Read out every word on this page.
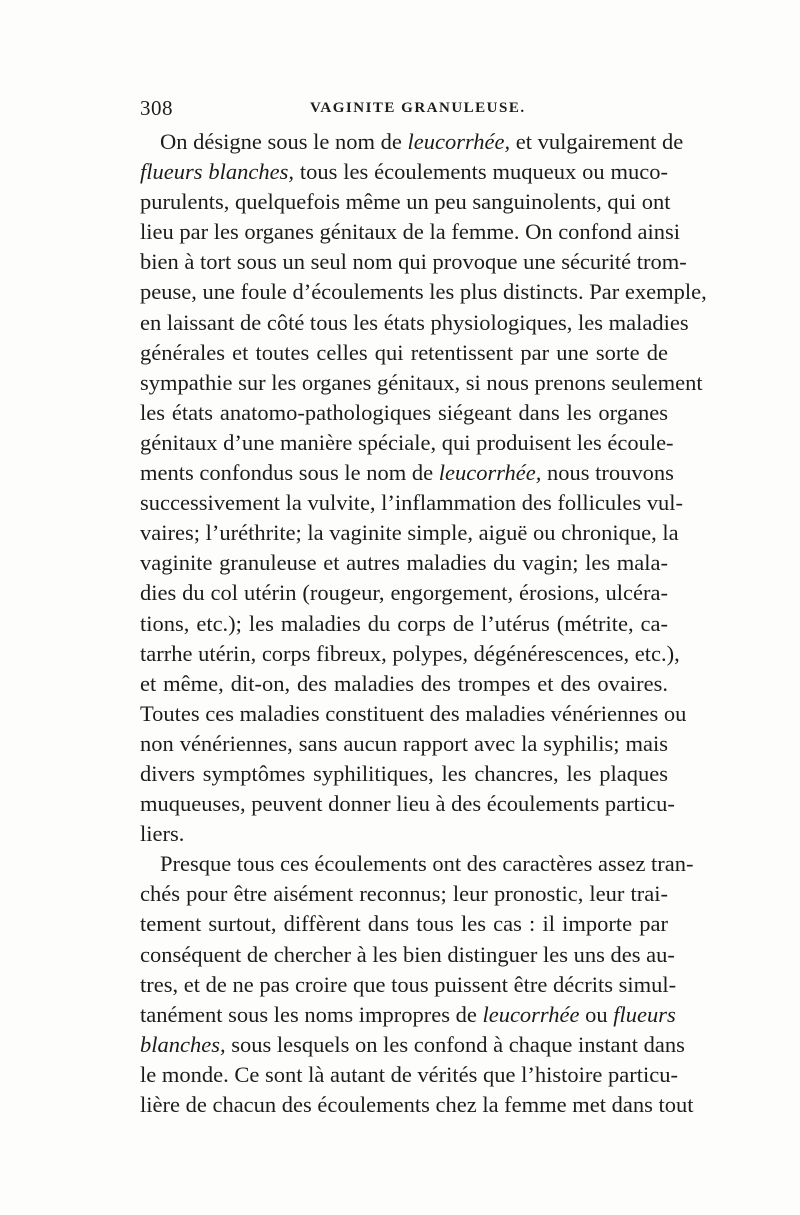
308	VAGINITE GRANULEUSE.
On désigne sous le nom de leucorrhée, et vulgairement de
flueurs blanches, tous les écoulements muqueux ou muco-
purulents, quelquefois même un peu sanguinolents, qui ont
lieu par les organes génitaux de la femme. On confond ainsi
bien à tort sous un seul nom qui provoque une sécurité trom-
peuse, une foule d’écoulements les plus distincts. Par exemple,
en laissant de côté tous les états physiologiques, les maladies
générales et toutes celles qui retentissent par une sorte de
sympathie sur les organes génitaux, si nous prenons seulement
les états anatomo-pathologiques siégeant dans les organes
génitaux d’une manière spéciale, qui produisent les écoule-
ments confondus sous le nom de leucorrhée, nous trouvons
successivement la vulvite, l’inflammation des follicules vul-
vaires; l’uréthrite; la vaginite simple, aiguë ou chronique, la
vaginite granuleuse et autres maladies du vagin; les mala-
dies du col utérin (rougeur, engorgement, érosions, ulcéra-
tions, etc.); les maladies du corps de l’utérus (métrite, ca-
tarrhe utérin, corps fibreux, polypes, dégénérescences, etc.),
et même, dit-on, des maladies des trompes et des ovaires.
Toutes ces maladies constituent des maladies vénériennes ou
non vénériennes, sans aucun rapport avec la syphilis; mais
divers symptômes syphilitiques, les chancres, les plaques
muqueuses, peuvent donner lieu à des écoulements particu-
liers.
Presque tous ces écoulements ont des caractères assez tran-
chés pour être aisément reconnus; leur pronostic, leur trai-
tement surtout, diffèrent dans tous les cas : il importe par
conséquent de chercher à les bien distinguer les uns des au-
tres, et de ne pas croire que tous puissent être décrits simul-
tanément sous les noms impropres de leucorrhée ou flueurs
blanches, sous lesquels on les confond à chaque instant dans
le monde. Ce sont là autant de vérités que l’histoire particu-
lière de chacun des écoulements chez la femme met dans tout
